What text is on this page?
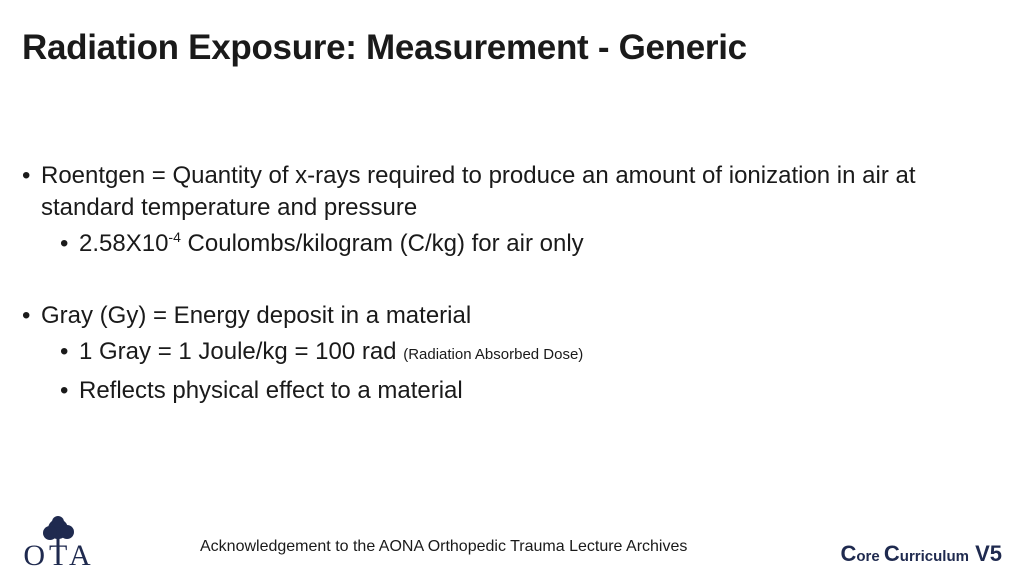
Radiation Exposure: Measurement - Generic
• Roentgen = Quantity of x-rays required to produce an amount of ionization in air at standard temperature and pressure
• $2.58X10^{-4}$ Coulombs/kilogram (C/kg) for air only
• Gray (Gy) = Energy deposit in a material
• 1 Gray = 1 Joule/kg = 100 rad (Radiation Absorbed Dose)
• Reflects physical effect to a material
OTA	Acknowledgement to the AONA Orthopedic Trauma Lecture Archives	Core Curriculum V5
